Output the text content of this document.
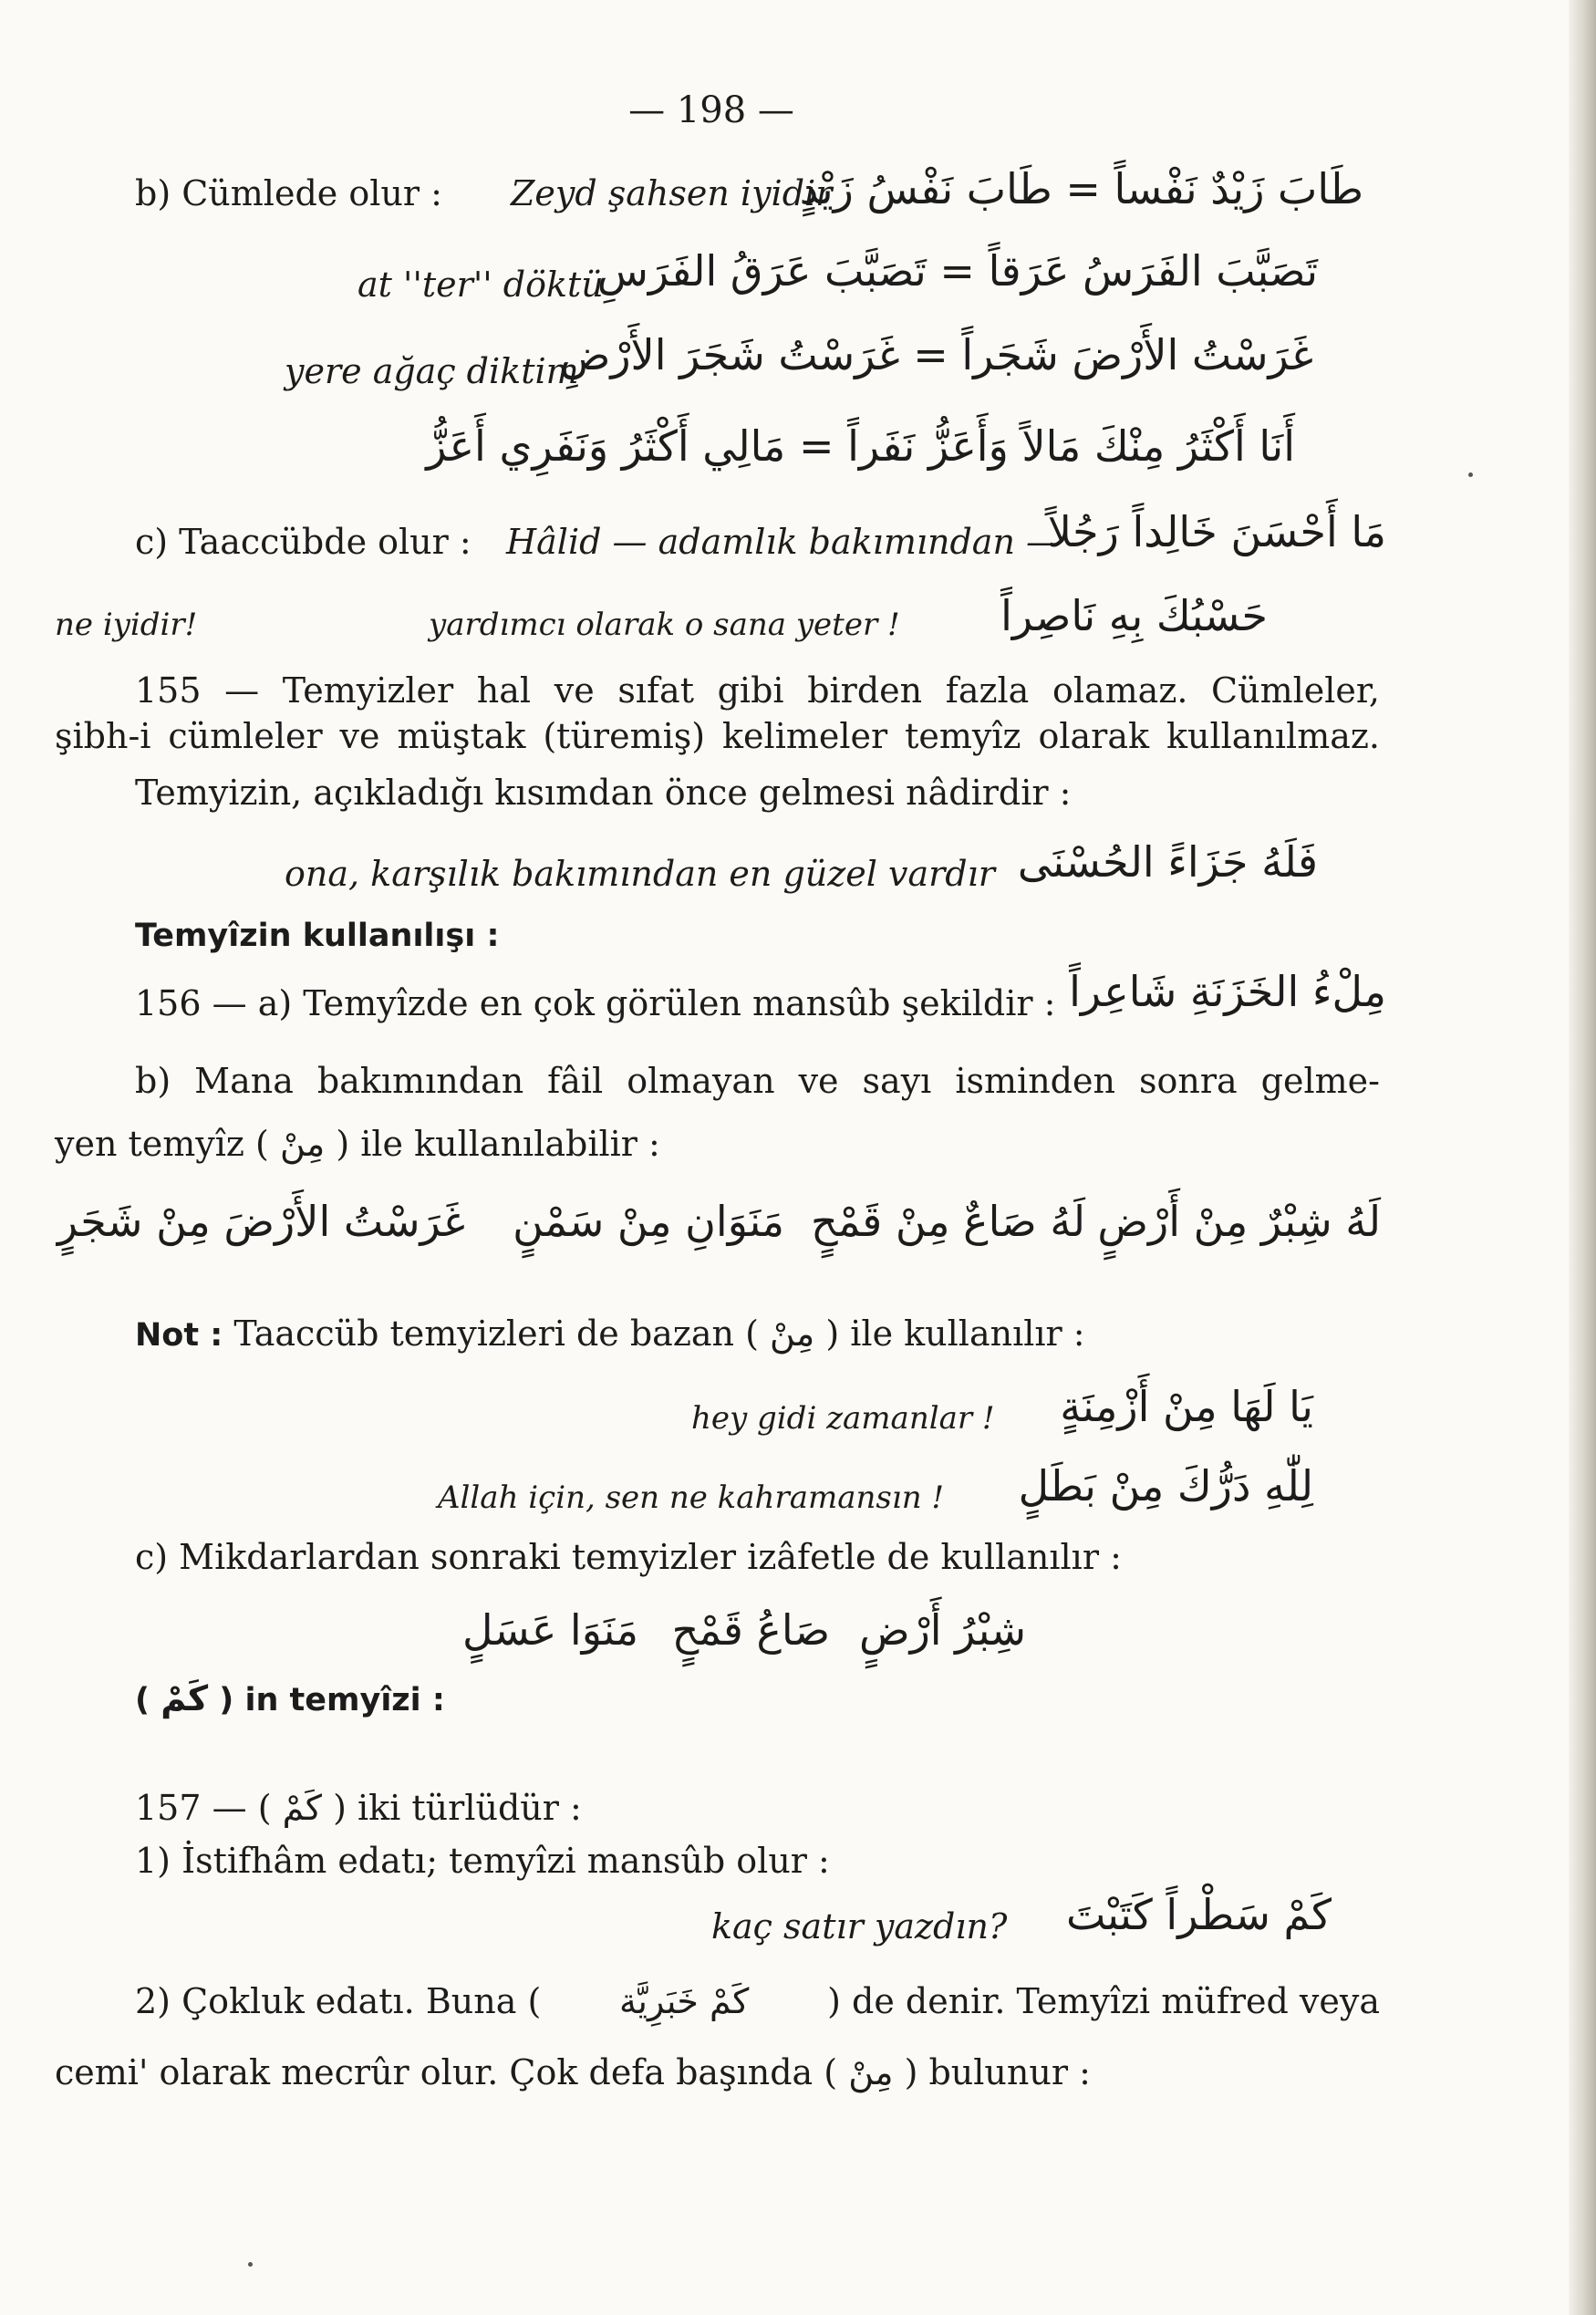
— 198 —
b) Cümlede olur : Zeyd şahsen iyidir
طَابَ زَيْدٌ نَفْساً = طَابَ نَفْسُ زَيْدٍ
at ''ter'' döktü
تَصَبَّبَ الفَرَسُ عَرَقاً = تَصَبَّبَ عَرَقُ الفَرَسِ
yere ağaç diktim
غَرَسْتُ الأَرْضَ شَجَراً = غَرَسْتُ شَجَرَ الأَرْضِ
أَنَا أَكْثَرُ مِنْكَ مَالاً وَأَعَزُّ نَفَراً = مَالِي أَكْثَرُ وَنَفَرِي أَعَزُّ
c) Taaccübde olur : Hâlid — adamlık bakımından —
مَا أَحْسَنَ خَالِداً رَجُلاً
ne iyidir!	yardımcı olarak o sana yeter ! حَسْبُكَ بِهِ نَاصِراً
155 — Temyizler hal ve sıfat gibi birden fazla olamaz. Cümleler,
şibh-i cümleler ve müştak (türemiş) kelimeler temyîz olarak kullanılmaz.
Temyizin, açıkladığı kısımdan önce gelmesi nâdirdir :
ona, karşılık bakımından en güzel vardır فَلَهُ جَزَاءً الحُسْنَى
Temyîzin kullanılışı :
156 — a) Temyîzde en çok görülen mansûb şekildir : مِلْءُ الخَزَنَةِ شَاعِراً
b) Mana bakımından fâil olmayan ve sayı isminden sonra gelme-
yen temyîz ( مِنْ ) ile kullanılabilir :
لَهُ شِبْرٌ مِنْ أَرْضٍ
لَهُ صَاعٌ مِنْ قَمْحٍ
مَنَوَانِ مِنْ سَمْنٍ
غَرَسْتُ الأَرْضَ مِنْ شَجَرٍ
Not : Taaccüb temyizleri de bazan ( مِنْ ) ile kullanılır :
hey gidi zamanlar ! يَا لَهَا مِنْ أَزْمِنَةٍ
Allah için, sen ne kahramansın ! لِلّٰهِ دَرُّكَ مِنْ بَطَلٍ
c) Mikdarlardan sonraki temyizler izâfetle de kullanılır :
شِبْرُ أَرْضٍ
صَاعُ قَمْحٍ
مَنَوَا عَسَلٍ
( كَمْ ) in temyîzi :
157 — ( كَمْ ) iki türlüdür :
1) İstifhâm edatı; temyîzi mansûb olur :
kaç satır yazdın? كَمْ سَطْراً كَتَبْتَ
2) Çokluk edatı. Buna ( كَمْ خَبَرِيَّة ) de denir. Temyîzi müfred veya
cemi' olarak mecrûr olur. Çok defa başında ( مِنْ ) bulunur :
